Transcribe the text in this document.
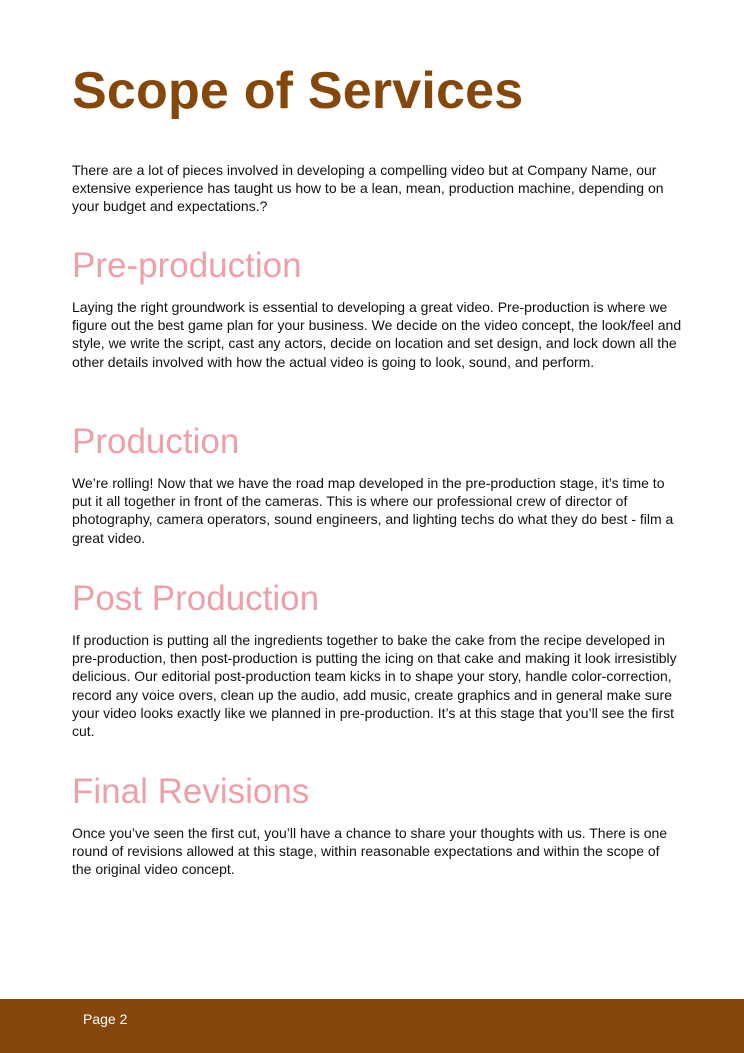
Scope of Services

There are a lot of pieces involved in developing a compelling video but at Company Name, our extensive experience has taught us how to be a lean, mean, production machine, depending on your budget and expectations.?

Pre-production

Laying the right groundwork is essential to developing a great video. Pre-production is where we figure out the best game plan for your business. We decide on the video concept, the look/feel and style, we write the script, cast any actors, decide on location and set design, and lock down all the other details involved with how the actual video is going to look, sound, and perform.

Production

We’re rolling! Now that we have the road map developed in the pre-production stage, it’s time to put it all together in front of the cameras. This is where our professional crew of director of photography, camera operators, sound engineers, and lighting techs do what they do best - film a great video.

Post Production

If production is putting all the ingredients together to bake the cake from the recipe developed in pre-production, then post-production is putting the icing on that cake and making it look irresistibly delicious. Our editorial post-production team kicks in to shape your story, handle color-correction, record any voice overs, clean up the audio, add music, create graphics and in general make sure your video looks exactly like we planned in pre-production. It’s at this stage that you’ll see the first cut.

Final Revisions

Once you’ve seen the first cut, you’ll have a chance to share your thoughts with us. There is one round of revisions allowed at this stage, within reasonable expectations and within the scope of the original video concept.

Page 2
